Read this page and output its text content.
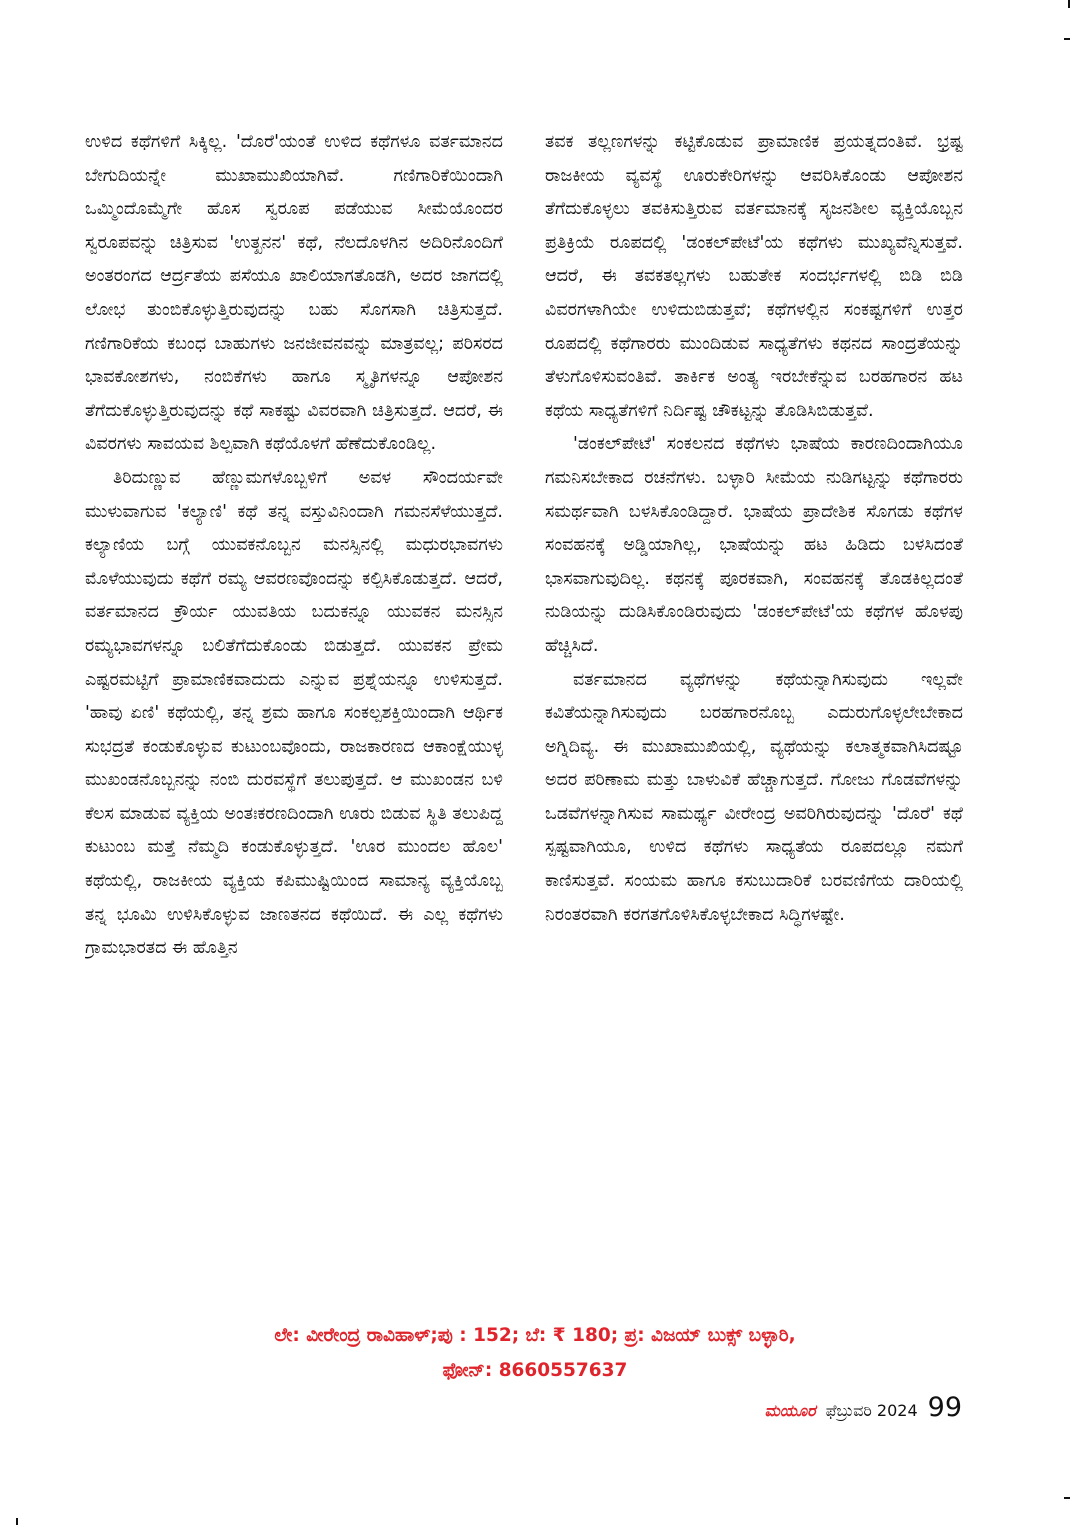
ಉಳಿದ ಕಥೆಗಳಿಗೆ ಸಿಕ್ಕಿಲ್ಲ. 'ದೊರೆ'ಯಂತೆ ಉಳಿದ ಕಥೆಗಳೂ ವರ್ತಮಾನದ ಬೇಗುದಿಯನ್ನೇ ಮುಖಾಮುಖಿಯಾಗಿವೆ. ಗಣಿಗಾರಿಕೆಯಿಂದಾಗಿ ಒಮ್ಮಿಂದೊಮ್ಮೆಗೇ ಹೊಸ ಸ್ವರೂಪ ಪಡೆಯುವ ಸೀಮೆಯೊಂದರ ಸ್ವರೂಪವನ್ನು ಚಿತ್ರಿಸುವ 'ಉತ್ಖನನ' ಕಥೆ, ನೆಲದೊಳಗಿನ ಅದಿರಿನೊಂದಿಗೆ ಅಂತರಂಗದ ಆರ್ದ್ರತೆಯ ಪಸೆಯೂ ಖಾಲಿಯಾಗತೊಡಗಿ, ಅದರ ಜಾಗದಲ್ಲಿ ಲೋಭ ತುಂಬಿಕೊಳ್ಳುತ್ತಿರುವುದನ್ನು ಬಹು ಸೊಗಸಾಗಿ ಚಿತ್ರಿಸುತ್ತದೆ. ಗಣಿಗಾರಿಕೆಯ ಕಬಂಧ ಬಾಹುಗಳು ಜನಜೀವನವನ್ನು ಮಾತ್ರವಲ್ಲ; ಪರಿಸರದ ಭಾವಕೋಶಗಳು, ನಂಬಿಕೆಗಳು ಹಾಗೂ ಸ್ಮೃತಿಗಳನ್ನೂ ಆಪೋಶನ ತೆಗೆದುಕೊಳ್ಳುತ್ತಿರುವುದನ್ನು ಕಥೆ ಸಾಕಷ್ಟು ವಿವರವಾಗಿ ಚಿತ್ರಿಸುತ್ತದೆ. ಆದರೆ, ಈ ವಿವರಗಳು ಸಾವಯವ ಶಿಲ್ಪವಾಗಿ ಕಥೆಯೊಳಗೆ ಹೆಣೆದುಕೊಂಡಿಲ್ಲ.

ತಿರಿದುಣ್ಣುವ ಹೆಣ್ಣುಮಗಳೊಬ್ಬಳಿಗೆ ಅವಳ ಸೌಂದರ್ಯವೇ ಮುಳುವಾಗುವ 'ಕಲ್ಯಾಣಿ' ಕಥೆ ತನ್ನ ವಸ್ತುವಿನಿಂದಾಗಿ ಗಮನಸೆಳೆಯುತ್ತದೆ. ಕಲ್ಯಾಣಿಯ ಬಗ್ಗೆ ಯುವಕನೊಬ್ಬನ ಮನಸ್ಸಿನಲ್ಲಿ ಮಧುರಭಾವಗಳು ಮೊಳೆಯುವುದು ಕಥೆಗೆ ರಮ್ಯ ಆವರಣವೊಂದನ್ನು ಕಲ್ಪಿಸಿಕೊಡುತ್ತದೆ. ಆದರೆ, ವರ್ತಮಾನದ ಕ್ರೌರ್ಯ ಯುವತಿಯ ಬದುಕನ್ನೂ ಯುವಕನ ಮನಸ್ಸಿನ ರಮ್ಯಭಾವಗಳನ್ನೂ ಬಲಿತೆಗೆದುಕೊಂಡು ಬಿಡುತ್ತದೆ. ಯುವಕನ ಪ್ರೇಮ ಎಷ್ಟರಮಟ್ಟಿಗೆ ಪ್ರಾಮಾಣಿಕವಾದುದು ಎನ್ನುವ ಪ್ರಶ್ನೆಯನ್ನೂ ಉಳಿಸುತ್ತದೆ. 'ಹಾವು ಏಣಿ' ಕಥೆಯಲ್ಲಿ, ತನ್ನ ಶ್ರಮ ಹಾಗೂ ಸಂಕಲ್ಪಶಕ್ತಿಯಿಂದಾಗಿ ಆರ್ಥಿಕ ಸುಭದ್ರತೆ ಕಂಡುಕೊಳ್ಳುವ ಕುಟುಂಬವೊಂದು, ರಾಜಕಾರಣದ ಆಕಾಂಕ್ಷೆಯುಳ್ಳ ಮುಖಂಡನೊಬ್ಬನನ್ನು ನಂಬಿ ದುರವಸ್ಥೆಗೆ ತಲುಪುತ್ತದೆ. ಆ ಮುಖಂಡನ ಬಳಿ ಕೆಲಸ ಮಾಡುವ ವ್ಯಕ್ತಿಯ ಅಂತಃಕರಣದಿಂದಾಗಿ ಊರು ಬಿಡುವ ಸ್ಥಿತಿ ತಲುಪಿದ್ದ ಕುಟುಂಬ ಮತ್ತೆ ನೆಮ್ಮದಿ ಕಂಡುಕೊಳ್ಳುತ್ತದೆ. 'ಊರ ಮುಂದಲ ಹೊಲ' ಕಥೆಯಲ್ಲಿ, ರಾಜಕೀಯ ವ್ಯಕ್ತಿಯ ಕಪಿಮುಷ್ಟಿಯಿಂದ ಸಾಮಾನ್ಯ ವ್ಯಕ್ತಿಯೊಬ್ಬ ತನ್ನ ಭೂಮಿ ಉಳಿಸಿಕೊಳ್ಳುವ ಜಾಣತನದ ಕಥೆಯಿದೆ. ಈ ಎಲ್ಲ ಕಥೆಗಳು ಗ್ರಾಮಭಾರತದ ಈ ಹೊತ್ತಿನ

ತವಕ ತಲ್ಲಣಗಳನ್ನು ಕಟ್ಟಿಕೊಡುವ ಪ್ರಾಮಾಣಿಕ ಪ್ರಯತ್ನದಂತಿವೆ. ಭ್ರಷ್ಟ ರಾಜಕೀಯ ವ್ಯವಸ್ಥೆ ಊರುಕೇರಿಗಳನ್ನು ಆವರಿಸಿಕೊಂಡು ಆಪೋಶನ ತೆಗೆದುಕೊಳ್ಳಲು ತವಕಿಸುತ್ತಿರುವ ವರ್ತಮಾನಕ್ಕೆ ಸೃಜನಶೀಲ ವ್ಯಕ್ತಿಯೊಬ್ಬನ ಪ್ರತಿಕ್ರಿಯೆ ರೂಪದಲ್ಲಿ 'ಡಂಕಲ್‌ಪೇಟೆ'ಯ ಕಥೆಗಳು ಮುಖ್ಯವೆನ್ನಿಸುತ್ತವೆ. ಆದರೆ, ಈ ತವಕತಲ್ಲಗಳು ಬಹುತೇಕ ಸಂದರ್ಭಗಳಲ್ಲಿ ಬಿಡಿ ಬಿಡಿ ವಿವರಗಳಾಗಿಯೇ ಉಳಿದುಬಿಡುತ್ತವೆ; ಕಥೆಗಳಲ್ಲಿನ ಸಂಕಷ್ಟಗಳಿಗೆ ಉತ್ತರ ರೂಪದಲ್ಲಿ ಕಥೆಗಾರರು ಮುಂದಿಡುವ ಸಾಧ್ಯತೆಗಳು ಕಥನದ ಸಾಂದ್ರತೆಯನ್ನು ತೆಳುಗೊಳಿಸುವಂತಿವೆ. ತಾರ್ಕಿಕ ಅಂತ್ಯ ಇರಬೇಕೆನ್ನುವ ಬರಹಗಾರನ ಹಟ ಕಥೆಯ ಸಾಧ್ಯತೆಗಳಿಗೆ ನಿರ್ದಿಷ್ಟ ಚೌಕಟ್ಟನ್ನು ತೊಡಿಸಿಬಿಡುತ್ತವೆ.

'ಡಂಕಲ್‌ಪೇಟೆ' ಸಂಕಲನದ ಕಥೆಗಳು ಭಾಷೆಯ ಕಾರಣದಿಂದಾಗಿಯೂ ಗಮನಿಸಬೇಕಾದ ರಚನೆಗಳು. ಬಳ್ಳಾರಿ ಸೀಮೆಯ ನುಡಿಗಟ್ಟನ್ನು ಕಥೆಗಾರರು ಸಮರ್ಥವಾಗಿ ಬಳಸಿಕೊಂಡಿದ್ದಾರೆ. ಭಾಷೆಯ ಪ್ರಾದೇಶಿಕ ಸೊಗಡು ಕಥೆಗಳ ಸಂವಹನಕ್ಕೆ ಅಡ್ಡಿಯಾಗಿಲ್ಲ, ಭಾಷೆಯನ್ನು ಹಟ ಹಿಡಿದು ಬಳಸಿದಂತೆ ಭಾಸವಾಗುವುದಿಲ್ಲ. ಕಥನಕ್ಕೆ ಪೂರಕವಾಗಿ, ಸಂವಹನಕ್ಕೆ ತೊಡಕಿಲ್ಲದಂತೆ ನುಡಿಯನ್ನು ದುಡಿಸಿಕೊಂಡಿರುವುದು 'ಡಂಕಲ್‌ಪೇಟೆ'ಯ ಕಥೆಗಳ ಹೊಳಪು ಹೆಚ್ಚಿಸಿದೆ.

ವರ್ತಮಾನದ ವ್ಯಥೆಗಳನ್ನು ಕಥೆಯನ್ನಾಗಿಸುವುದು ಇಲ್ಲವೇ ಕವಿತೆಯನ್ನಾಗಿಸುವುದು ಬರಹಗಾರನೊಬ್ಬ ಎದುರುಗೊಳ್ಳಲೇಬೇಕಾದ ಅಗ್ನಿದಿವ್ಯ. ಈ ಮುಖಾಮುಖಿಯಲ್ಲಿ, ವ್ಯಥೆಯನ್ನು ಕಲಾತ್ಮಕವಾಗಿಸಿದಷ್ಟೂ ಅದರ ಪರಿಣಾಮ ಮತ್ತು ಬಾಳುವಿಕೆ ಹೆಚ್ಚಾಗುತ್ತದೆ. ಗೋಜು ಗೊಡವೆಗಳನ್ನು ಒಡವೆಗಳನ್ನಾಗಿಸುವ ಸಾಮರ್ಥ್ಯ ವೀರೇಂದ್ರ ಅವರಿಗಿರುವುದನ್ನು 'ದೊರೆ' ಕಥೆ ಸ್ಪಷ್ಟವಾಗಿಯೂ, ಉಳಿದ ಕಥೆಗಳು ಸಾಧ್ಯತೆಯ ರೂಪದಲ್ಲೂ ನಮಗೆ ಕಾಣಿಸುತ್ತವೆ. ಸಂಯಮ ಹಾಗೂ ಕಸುಬುದಾರಿಕೆ ಬರವಣಿಗೆಯ ದಾರಿಯಲ್ಲಿ ನಿರಂತರವಾಗಿ ಕರಗತಗೊಳಿಸಿಕೊಳ್ಳಬೇಕಾದ ಸಿದ್ಧಿಗಳಷ್ಟೇ.

ಲೇ: ವೀರೇಂದ್ರ ರಾವಿಹಾಳ್‌;ಪು : 152; ಬೆ: ₹ 180; ಪ್ರ: ವಿಜಯ್ ಬುಕ್ಸ್ ಬಳ್ಳಾರಿ,
ಫೋನ್: 8660557637
ಮಯೂರ ಫೆಬ್ರುವರಿ 2024 99
